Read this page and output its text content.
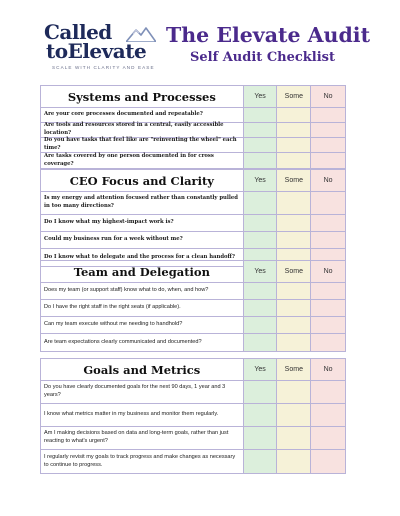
Called
toElevate
SCALE WITH CLARITY AND EASE
The Elevate Audit
Self Audit Checklist
Systems and Processes	Yes	Some	No
Are your core processes documented and repeatable?
Are tools and resources stored in a central, easily accessible location?
Do you have tasks that feel like are "reinventing the wheel" each time?
Are tasks covered by one person documented in for cross coverage?
CEO Focus and Clarity	Yes	Some	No
Is my energy and attention focused rather than constantly pulled in too many directions?
Do I know what my highest-impact work is?
Could my business run for a week without me?
Do I know what to delegate and the process for a clean handoff?
Team and Delegation	Yes	Some	No
Does my team (or support staff) know what to do, when, and how?
Do I have the right staff in the right seats (if applicable).
Can my team execute without me needing to handhold?
Are team expectations clearly communicated and documented?
Goals and Metrics	Yes	Some	No
Do you have clearly documented goals for the next 90 days, 1 year and 3 years?
I know what metrics matter in my business and monitor them regularly.
Am I making decisions based on data and long-term goals, rather than just reacting to what's urgent?
I regularly revisit my goals to track progress and make changes as necessary to continue to progress.
